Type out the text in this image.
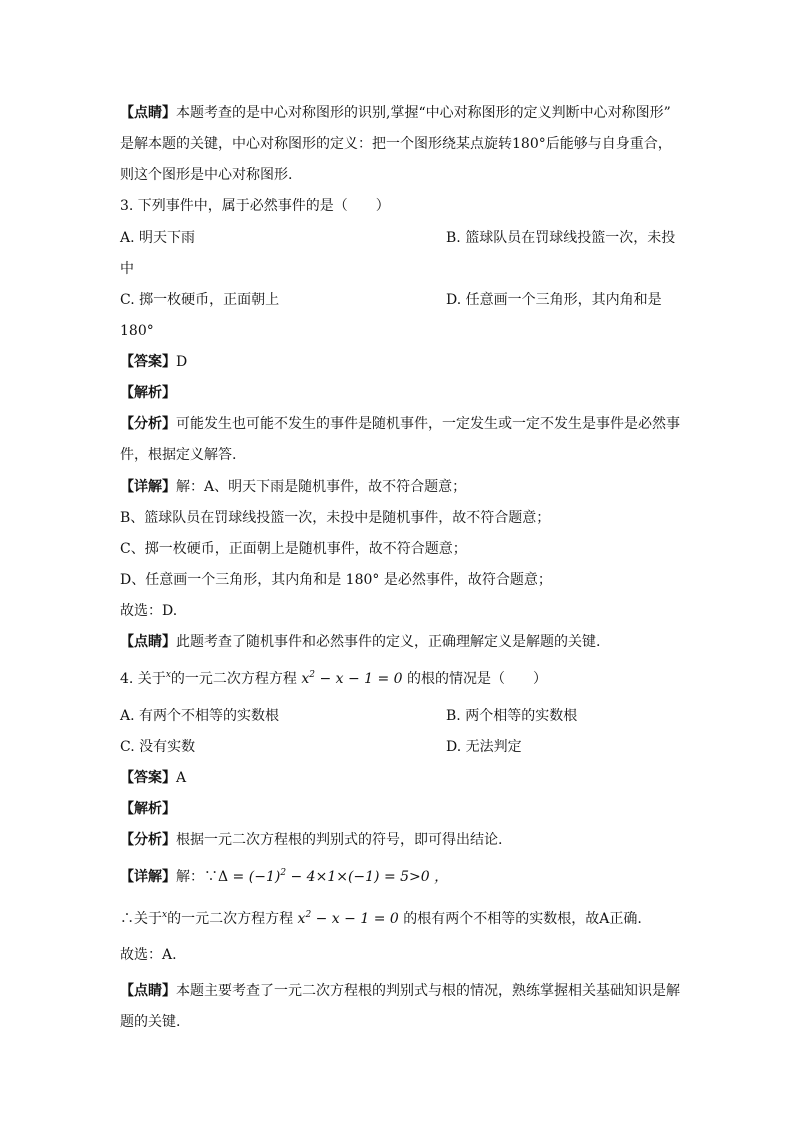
【点睛】本题考查的是中心对称图形的识别,掌握“中心对称图形的定义判断中心对称图形”
是解本题的关键，中心对称图形的定义：把一个图形绕某点旋转180°后能够与自身重合，
则这个图形是中心对称图形.
3. 下列事件中，属于必然事件的是（　　）
A. 明天下雨	B. 篮球队员在罚球线投篮一次，未投
中
C. 掷一枚硬币，正面朝上	D. 任意画一个三角形，其内角和是
180°
【答案】D
【解析】
【分析】可能发生也可能不发生的事件是随机事件，一定发生或一定不发生是事件是必然事
件，根据定义解答.
【详解】解：A、明天下雨是随机事件，故不符合题意；
B、篮球队员在罚球线投篮一次，未投中是随机事件，故不符合题意；
C、掷一枚硬币，正面朝上是随机事件，故不符合题意；
D、任意画一个三角形，其内角和是 180° 是必然事件，故符合题意；
故选：D.
【点睛】此题考查了随机事件和必然事件的定义，正确理解定义是解题的关键.
4. 关于$^x$的一元二次方程方程 $x^2 - x - 1 = 0$ 的根的情况是（　　）
A. 有两个不相等的实数根	B. 两个相等的实数根
C. 没有实数	D. 无法判定
【答案】A
【解析】
【分析】根据一元二次方程根的判别式的符号，即可得出结论.
【详解】解：∵Δ = $(-1)^2 - 4\times 1\times(-1) = 5>0$ ，
∴关于$^x$的一元二次方程方程 $x^2 - x - 1 = 0$ 的根有两个不相等的实数根，故A正确.
故选：A.
【点睛】本题主要考查了一元二次方程根的判别式与根的情况，熟练掌握相关基础知识是解
题的关键.
